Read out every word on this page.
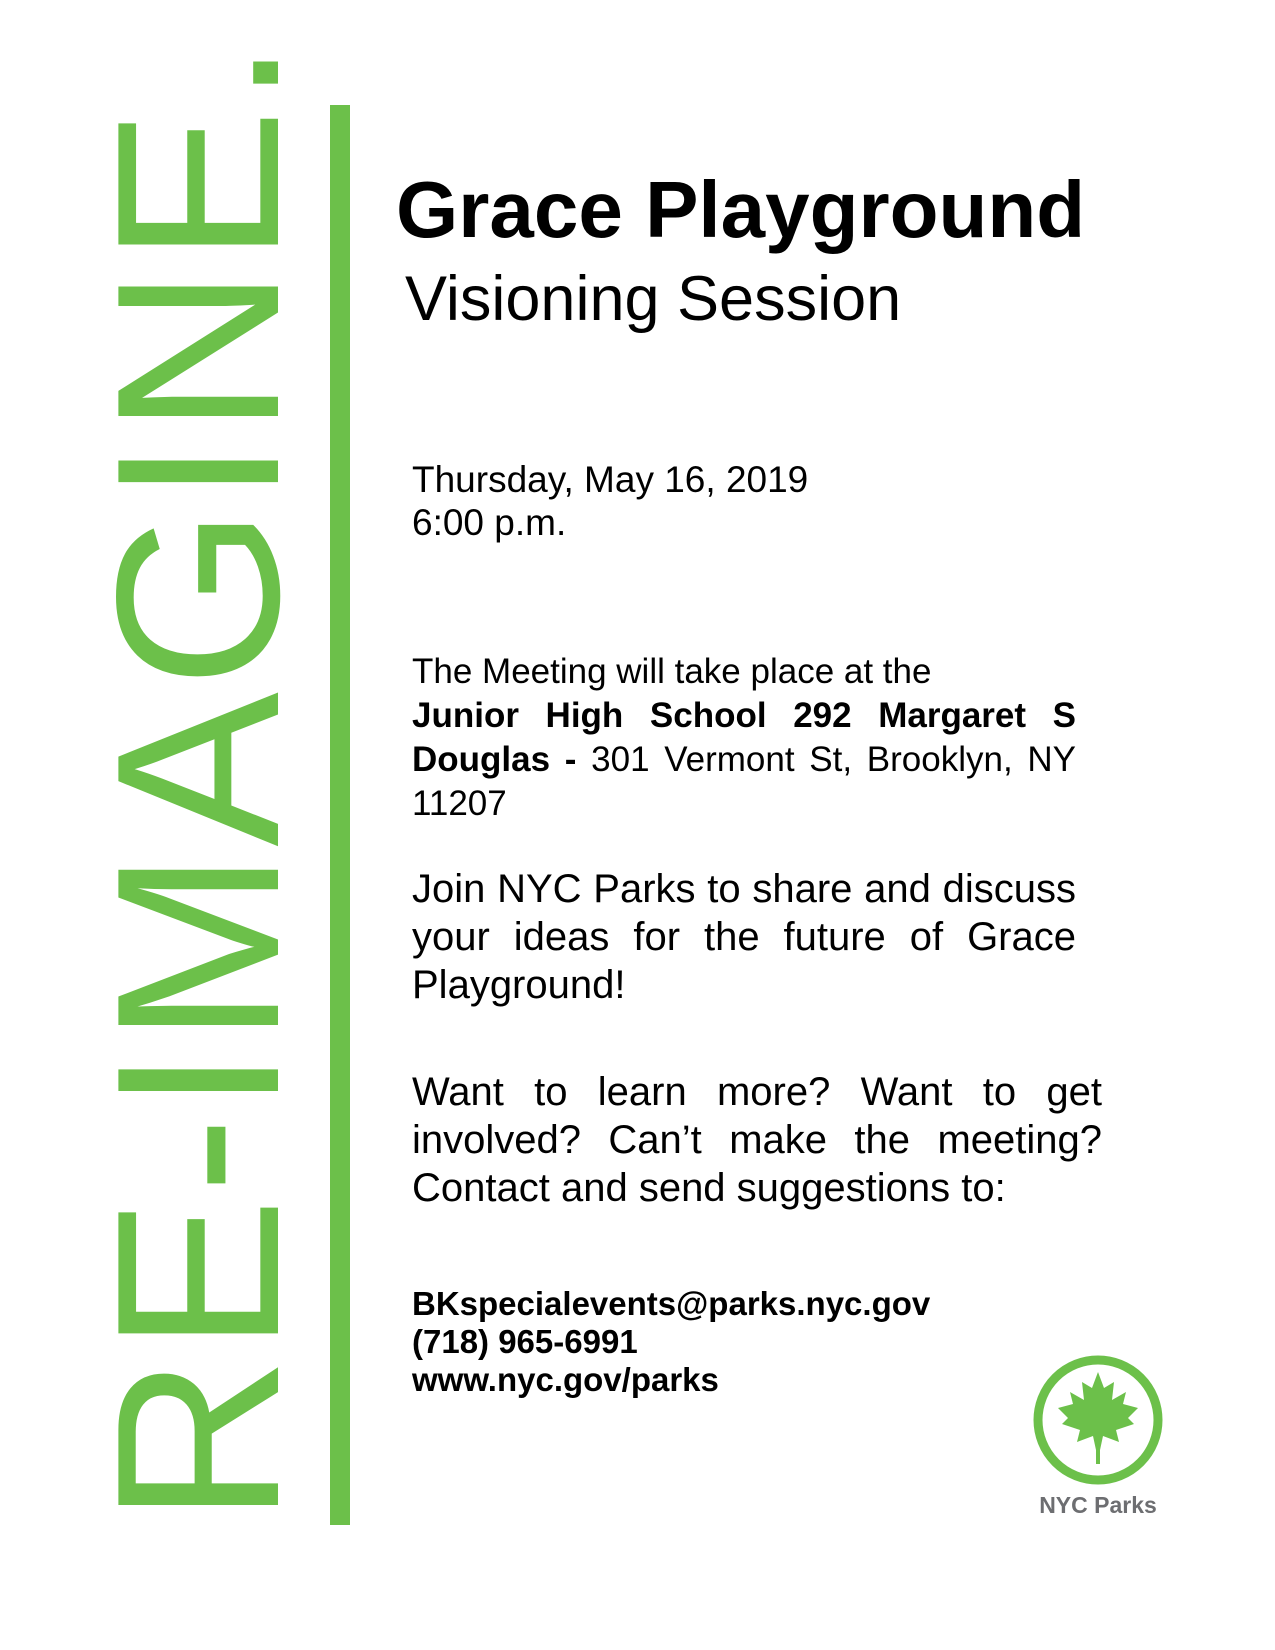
RE-IMAGINE. Grace Playground
Visioning Session
Thursday, May 16, 2019
6:00 p.m.
The Meeting will take place at the
Junior High School 292 Margaret S Douglas - 301 Vermont St, Brooklyn, NY 11207
Join NYC Parks to share and discuss your ideas for the future of Grace Playground!
Want to learn more? Want to get involved? Can’t make the meeting? Contact and send suggestions to:
BKspecialevents@parks.nyc.gov
(718) 965-6991
www.nyc.gov/parks
NYC Parks
